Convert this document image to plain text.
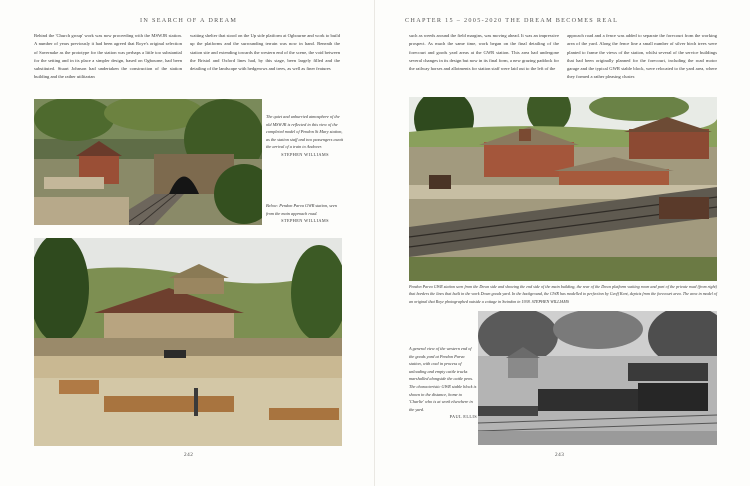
IN SEARCH OF A DREAM

Behind the 'Church group' work was now proceeding with the MSWJR station. A number of years previously it had been agreed that Roye's original selection of Savernake as the prototype for the station was perhaps a little too substantial for the setting and in its place a simpler design, based on Ogbourne, had been substituted. Stuart Johnson had undertaken the construction of the station building and the rather utilitarian

waiting shelter that stood on the Up side platform at Ogbourne and work to build up the platforms and the surrounding terrain was now in hand. Beneath the station site and extending towards the western end of the scene, the void between the Bristol and Oxford lines had, by this stage, been largely filled and the detailing of the landscape with hedgerows and trees, as well as finer features

The quiet and unhurried atmosphere of the old MSWJR is reflected in this view of the completed model of Pendon St Mary station, as the station staff and two passengers await the arrival of a train to Andover.
STEPHEN WILLIAMS
Below: Pendon Parva GWR station, seen from the main approach road.
STEPHEN WILLIAMS
242
CHAPTER 15 – 2005-2020 THE DREAM BECOMES REAL

such as weeds around the field margins, was moving ahead. It was an impressive prospect. As much the same time, work began on the final detailing of the forecourt and goods yard areas at the GWR station. This area had undergone several changes in its design but now in its final form, a new grazing paddock for the railway horses and allotments for station staff were laid out to the left of the

approach road and a fence was added to separate the forecourt from the working area of the yard. Along the fence line a small number of silver birch trees were planted to frame the views of the station, whilst several of the service buildings that had been originally planned for the forecourt, including the road motor garage and the typical GWR stable block, were relocated to the yard area, where they formed a rather pleasing cluster.

Pendon Parva GWR station seen from the Down side and showing the end side of the main building, the rear of the Down platform waiting room and part of the private road (from right) that borders the lines that built in the work Down goods yard. In the background, the GWR has modelled to perfection by Geoff Kent, depicts from the forecourt area. The area in model of an original that Roye photographed outside a cottage in Swindon in 1938. STEPHEN WILLIAMS
A general view of the western end of the goods yard at Pendon Parva station, with coal in process of unloading and empty cattle trucks marshalled alongside the cattle pens. The characteristic GWR stable block is shown in the distance, home to 'Charlie' who is at work elsewhere in the yard.
PAUL ELLIS
243
